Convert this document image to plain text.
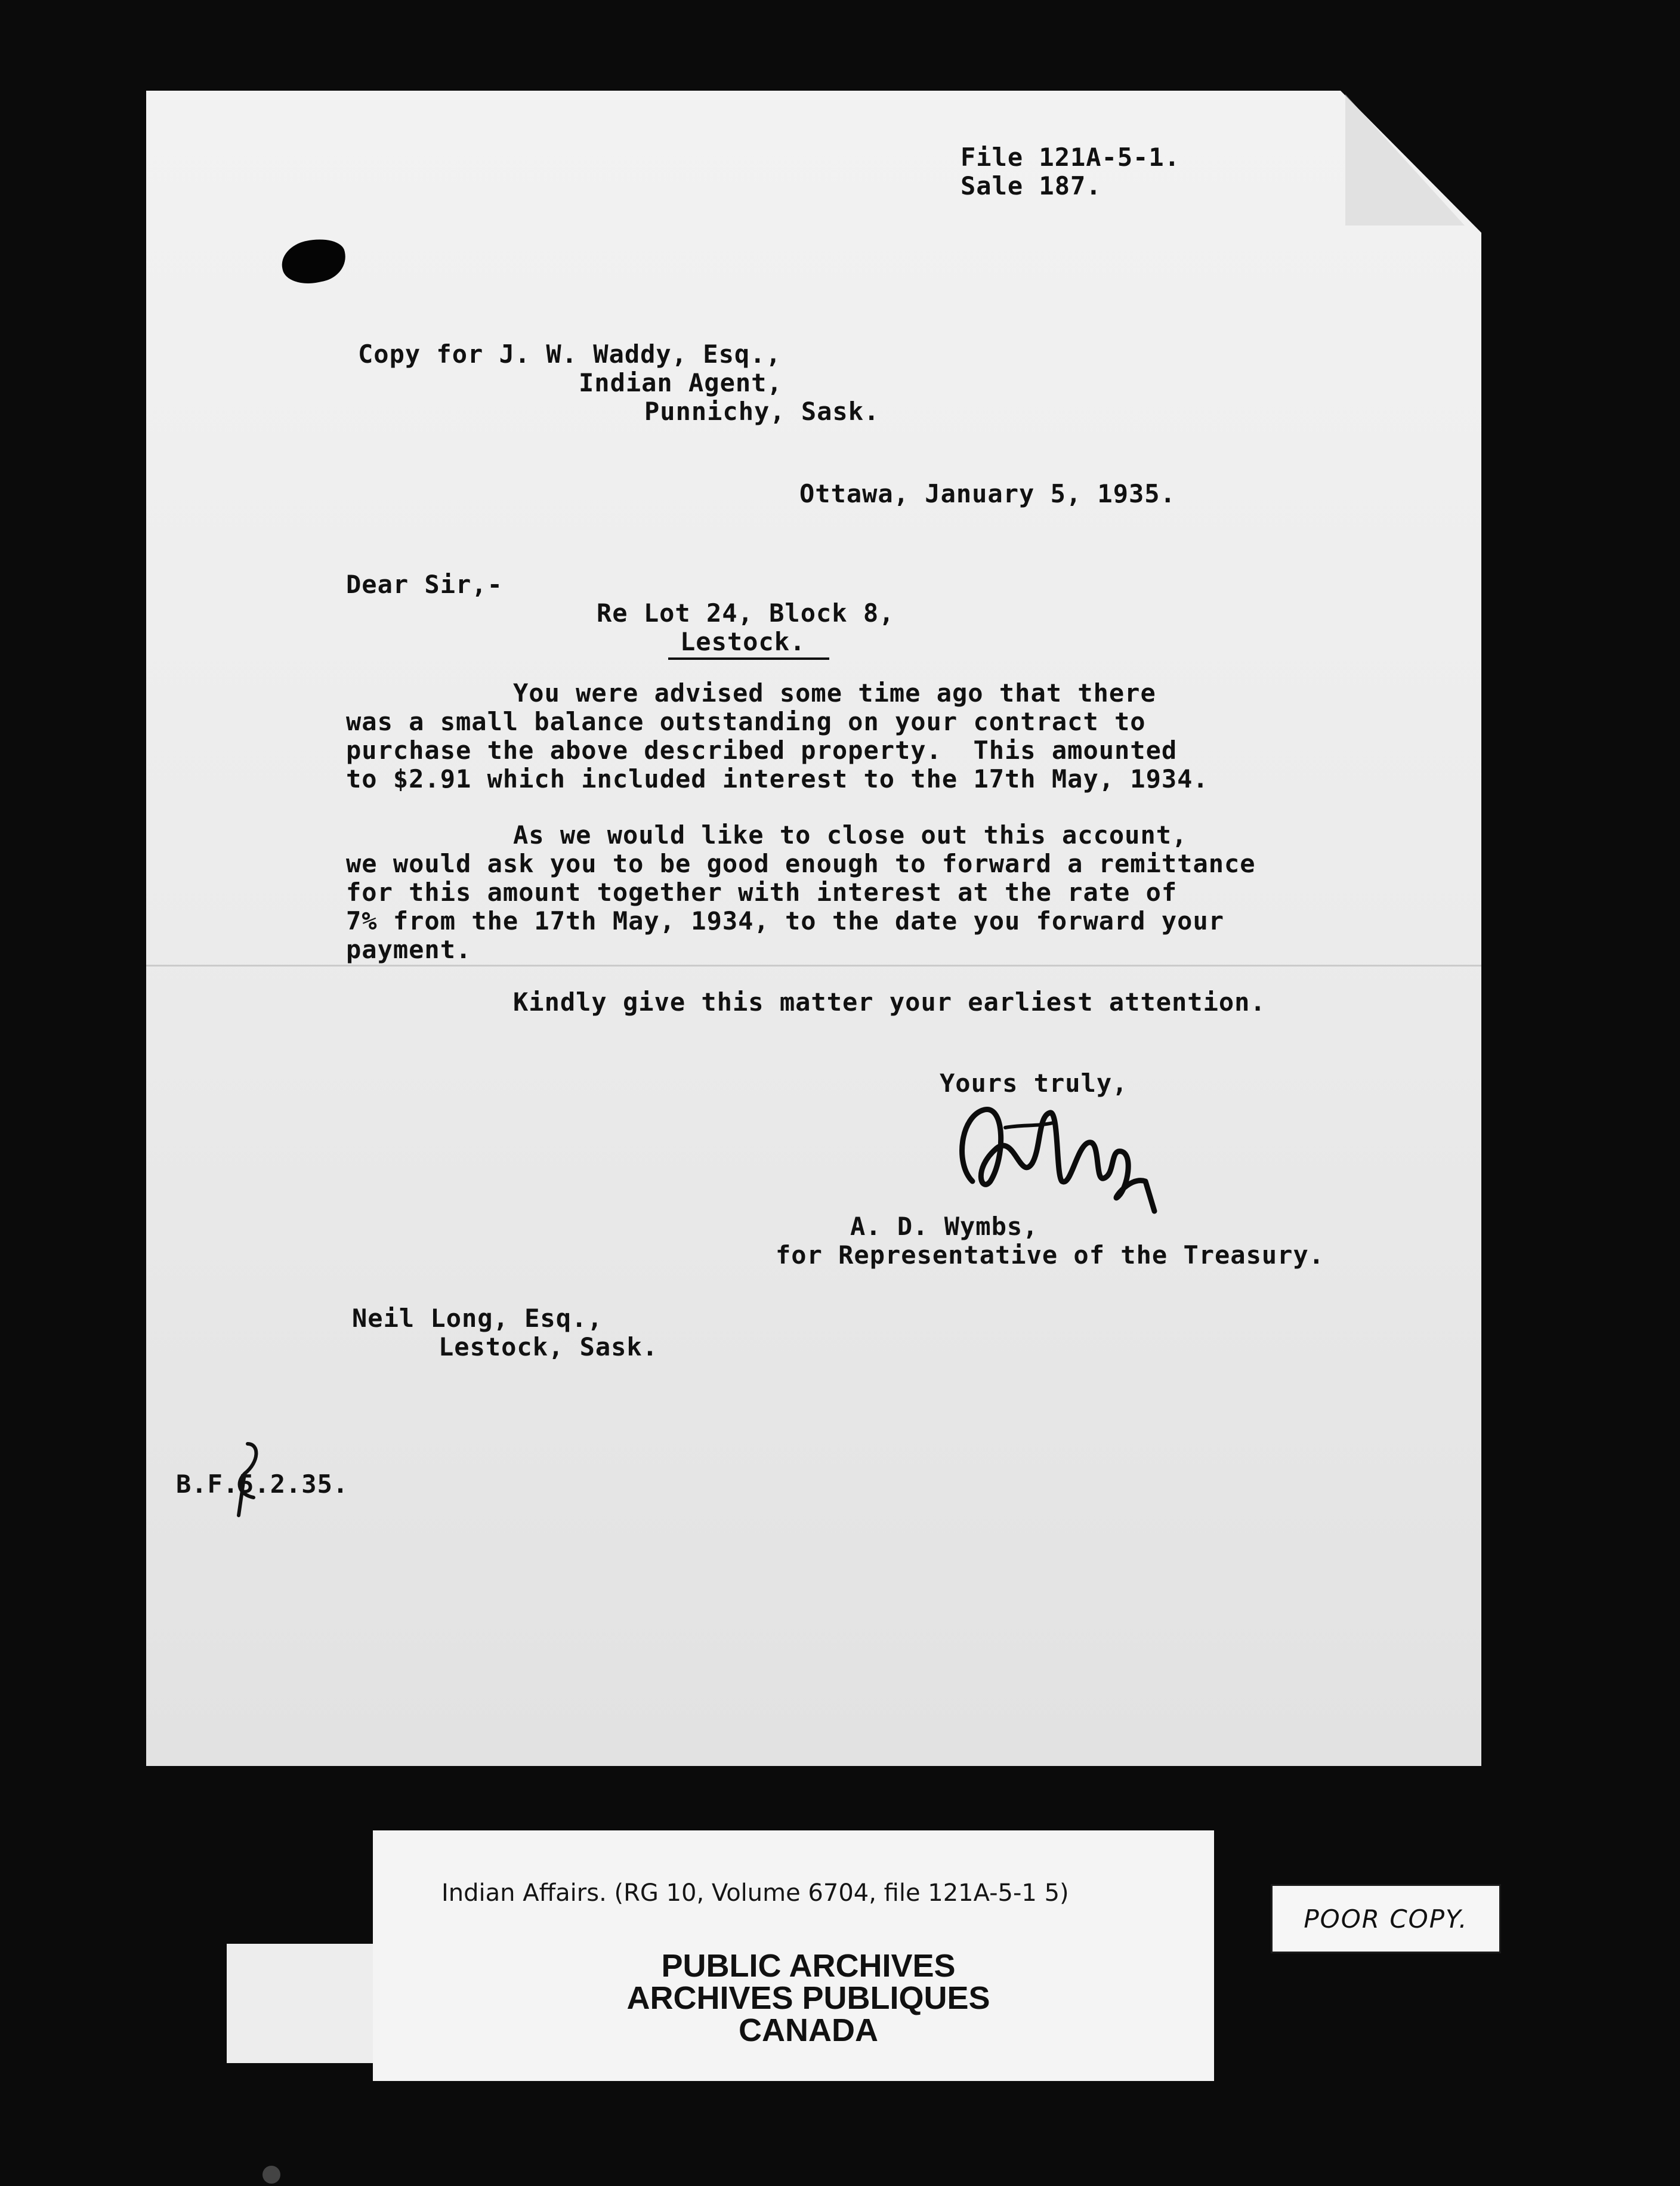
File 121A-5-1.
Sale 187.
Copy for J. W. Waddy, Esq.,
Indian Agent,
Punnichy, Sask.
Ottawa, January 5, 1935.
Dear Sir,-
Re Lot 24, Block 8,
Lestock.
You were advised some time ago that there
was a small balance outstanding on your contract to
purchase the above described property.  This amounted
to $2.91 which included interest to the 17th May, 1934.
As we would like to close out this account,
we would ask you to be good enough to forward a remittance
for this amount together with interest at the rate of
7% from the 17th May, 1934, to the date you forward your
payment.
Kindly give this matter your earliest attention.
Yours truly,
A. D. Wymbs,
for Representative of the Treasury.
Neil Long, Esq.,
Lestock, Sask.
B.F.5.2.35.
Indian Affairs. (RG 10, Volume 6704, file 121A-5-1 5)
PUBLIC ARCHIVES
ARCHIVES PUBLIQUES
CANADA
POOR COPY.
